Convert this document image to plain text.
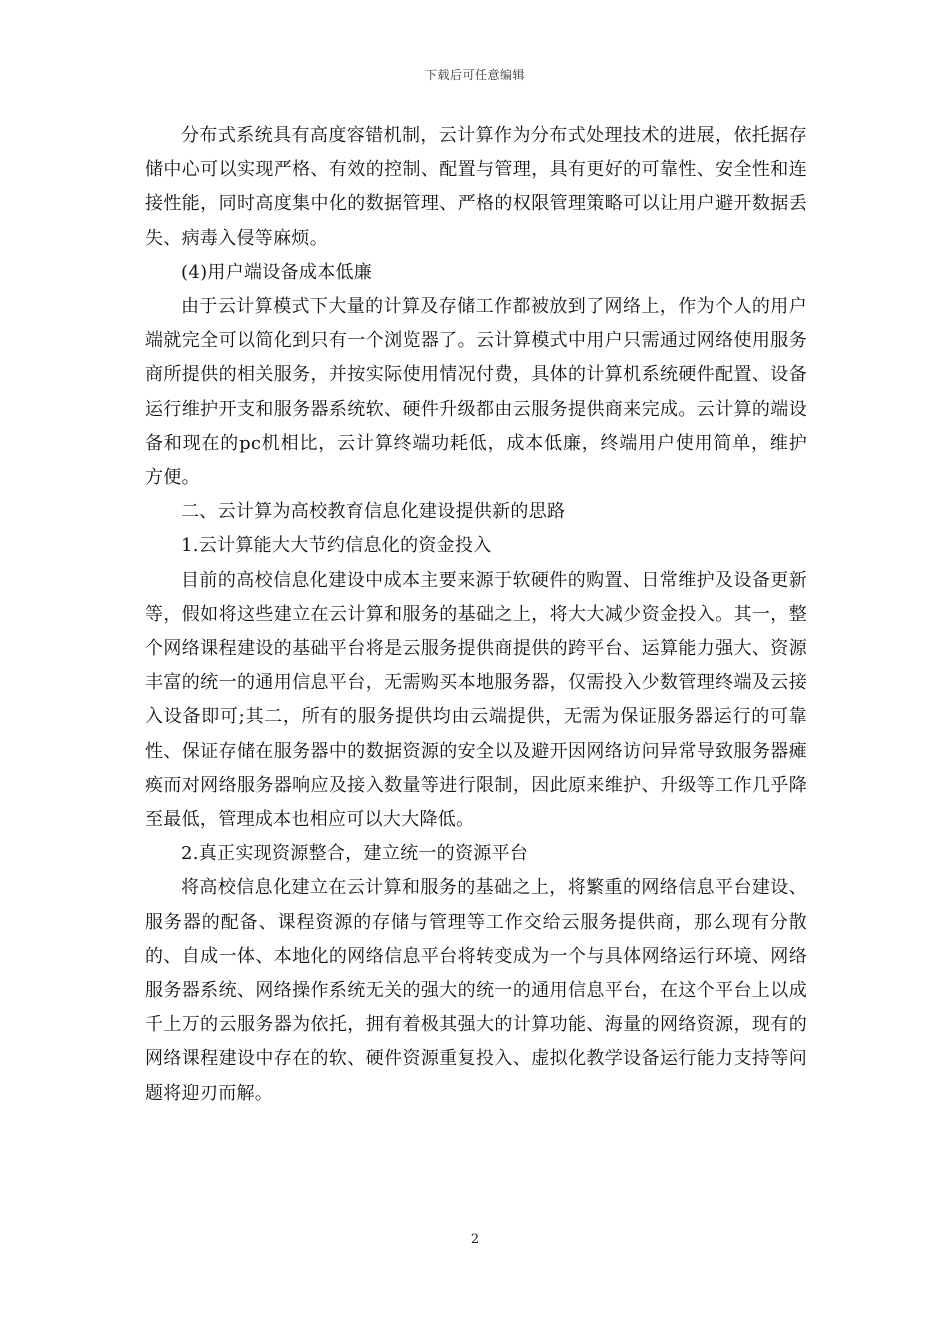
下载后可任意编辑

分布式系统具有高度容错机制，云计算作为分布式处理技术的进展，依托据存储中心可以实现严格、有效的控制、配置与管理，具有更好的可靠性、安全性和连接性能，同时高度集中化的数据管理、严格的权限管理策略可以让用户避开数据丢失、病毒入侵等麻烦。

(4)用户端设备成本低廉

由于云计算模式下大量的计算及存储工作都被放到了网络上，作为个人的用户端就完全可以简化到只有一个浏览器了。云计算模式中用户只需通过网络使用服务商所提供的相关服务，并按实际使用情况付费，具体的计算机系统硬件配置、设备运行维护开支和服务器系统软、硬件升级都由云服务提供商来完成。云计算的端设备和现在的pc机相比，云计算终端功耗低，成本低廉，终端用户使用简单，维护方便。

二、云计算为高校教育信息化建设提供新的思路

1.云计算能大大节约信息化的资金投入

目前的高校信息化建设中成本主要来源于软硬件的购置、日常维护及设备更新等，假如将这些建立在云计算和服务的基础之上，将大大减少资金投入。其一，整个网络课程建设的基础平台将是云服务提供商提供的跨平台、运算能力强大、资源丰富的统一的通用信息平台，无需购买本地服务器，仅需投入少数管理终端及云接入设备即可;其二，所有的服务提供均由云端提供，无需为保证服务器运行的可靠性、保证存储在服务器中的数据资源的安全以及避开因网络访问异常导致服务器瘫痪而对网络服务器响应及接入数量等进行限制，因此原来维护、升级等工作几乎降至最低，管理成本也相应可以大大降低。

2.真正实现资源整合，建立统一的资源平台

将高校信息化建立在云计算和服务的基础之上，将繁重的网络信息平台建设、服务器的配备、课程资源的存储与管理等工作交给云服务提供商，那么现有分散的、自成一体、本地化的网络信息平台将转变成为一个与具体网络运行环境、网络服务器系统、网络操作系统无关的强大的统一的通用信息平台，在这个平台上以成千上万的云服务器为依托，拥有着极其强大的计算功能、海量的网络资源，现有的网络课程建设中存在的软、硬件资源重复投入、虚拟化教学设备运行能力支持等问题将迎刃而解。

2
